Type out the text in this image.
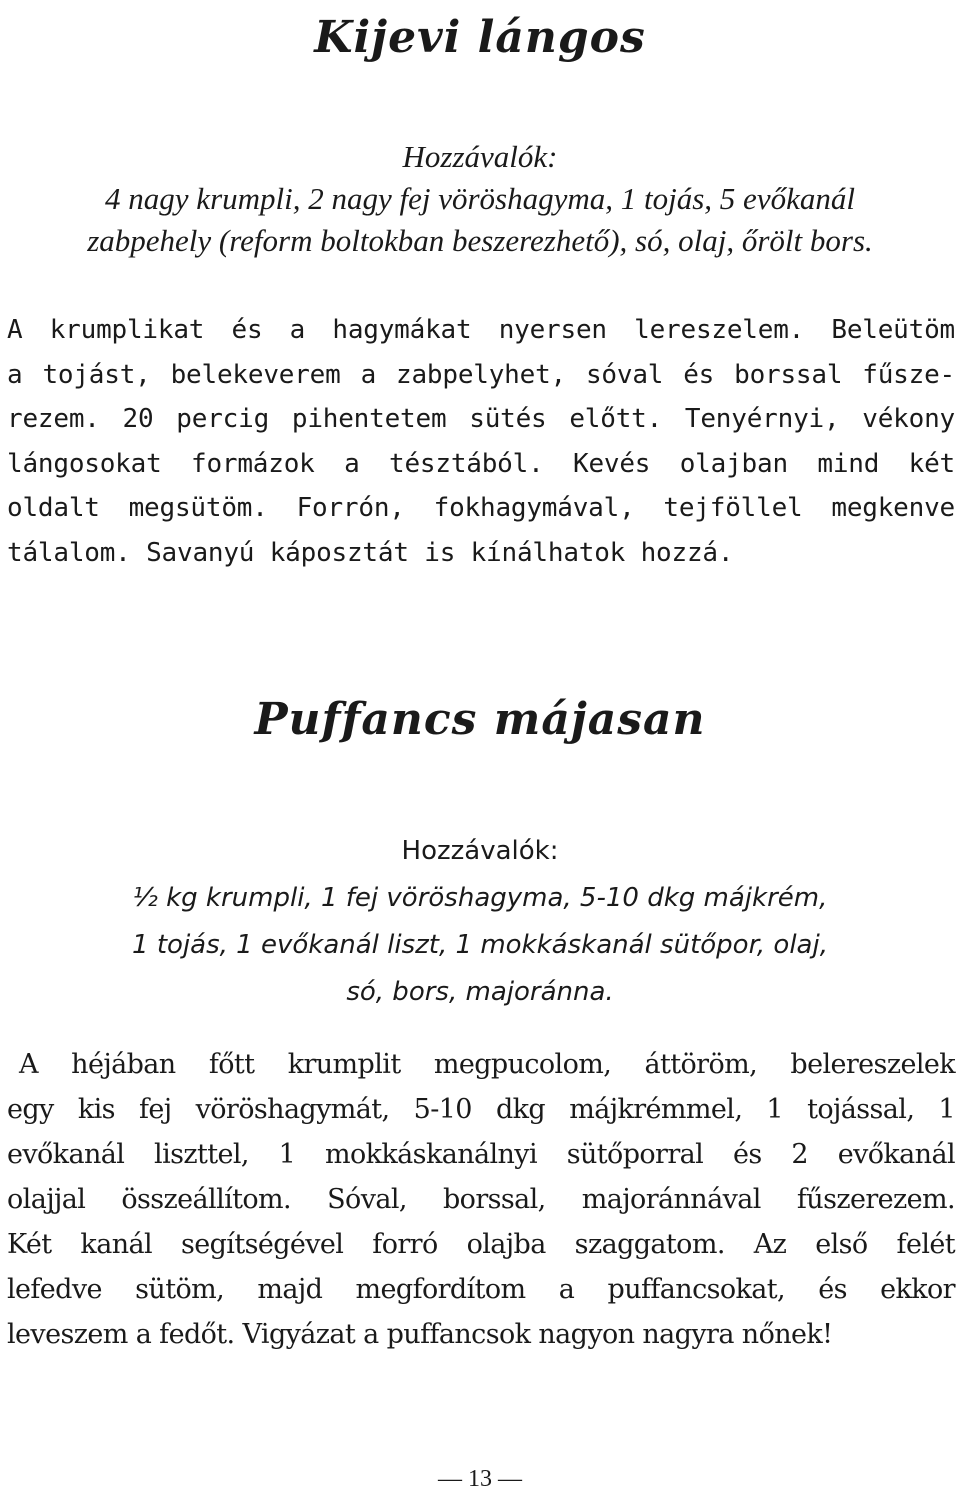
Kijevi lángos
Hozzávalók:
4 nagy krumpli, 2 nagy fej vöröshagyma, 1 tojás, 5 evőkanál
zabpehely (reform boltokban beszerezhető), só, olaj, őrölt bors.
A krumplikat és a hagymákat nyersen lereszelem. Beleütöm
a tojást, belekeverem a zabpelyhet, sóval és borssal fűsze-
rezem. 20 percig pihentetem sütés előtt. Tenyérnyi, vékony
lángosokat formázok a tésztából. Kevés olajban mind két
oldalt megsütöm. Forrón, fokhagymával, tejföllel megkenve
tálalom. Savanyú káposztát is kínálhatok hozzá.
Puffancs májasan
Hozzávalók:
½ kg krumpli, 1 fej vöröshagyma, 5-10 dkg májkrém,
1 tojás, 1 evőkanál liszt, 1 mokkáskanál sütőpor, olaj,
só, bors, majoránna.
A héjában főtt krumplit megpucolom, áttöröm, belereszelek
egy kis fej vöröshagymát, 5-10 dkg májkrémmel, 1 tojással, 1
evőkanál liszttel, 1 mokkáskanálnyi sütőporral és 2 evőkanál
olajjal összeállítom. Sóval, borssal, majoránnával fűszerezem.
Két kanál segítségével forró olajba szaggatom. Az első felét
lefedve sütöm, majd megfordítom a puffancsokat, és ekkor
leveszem a fedőt. Vigyázat a puffancsok nagyon nagyra nőnek!
— 13 —
